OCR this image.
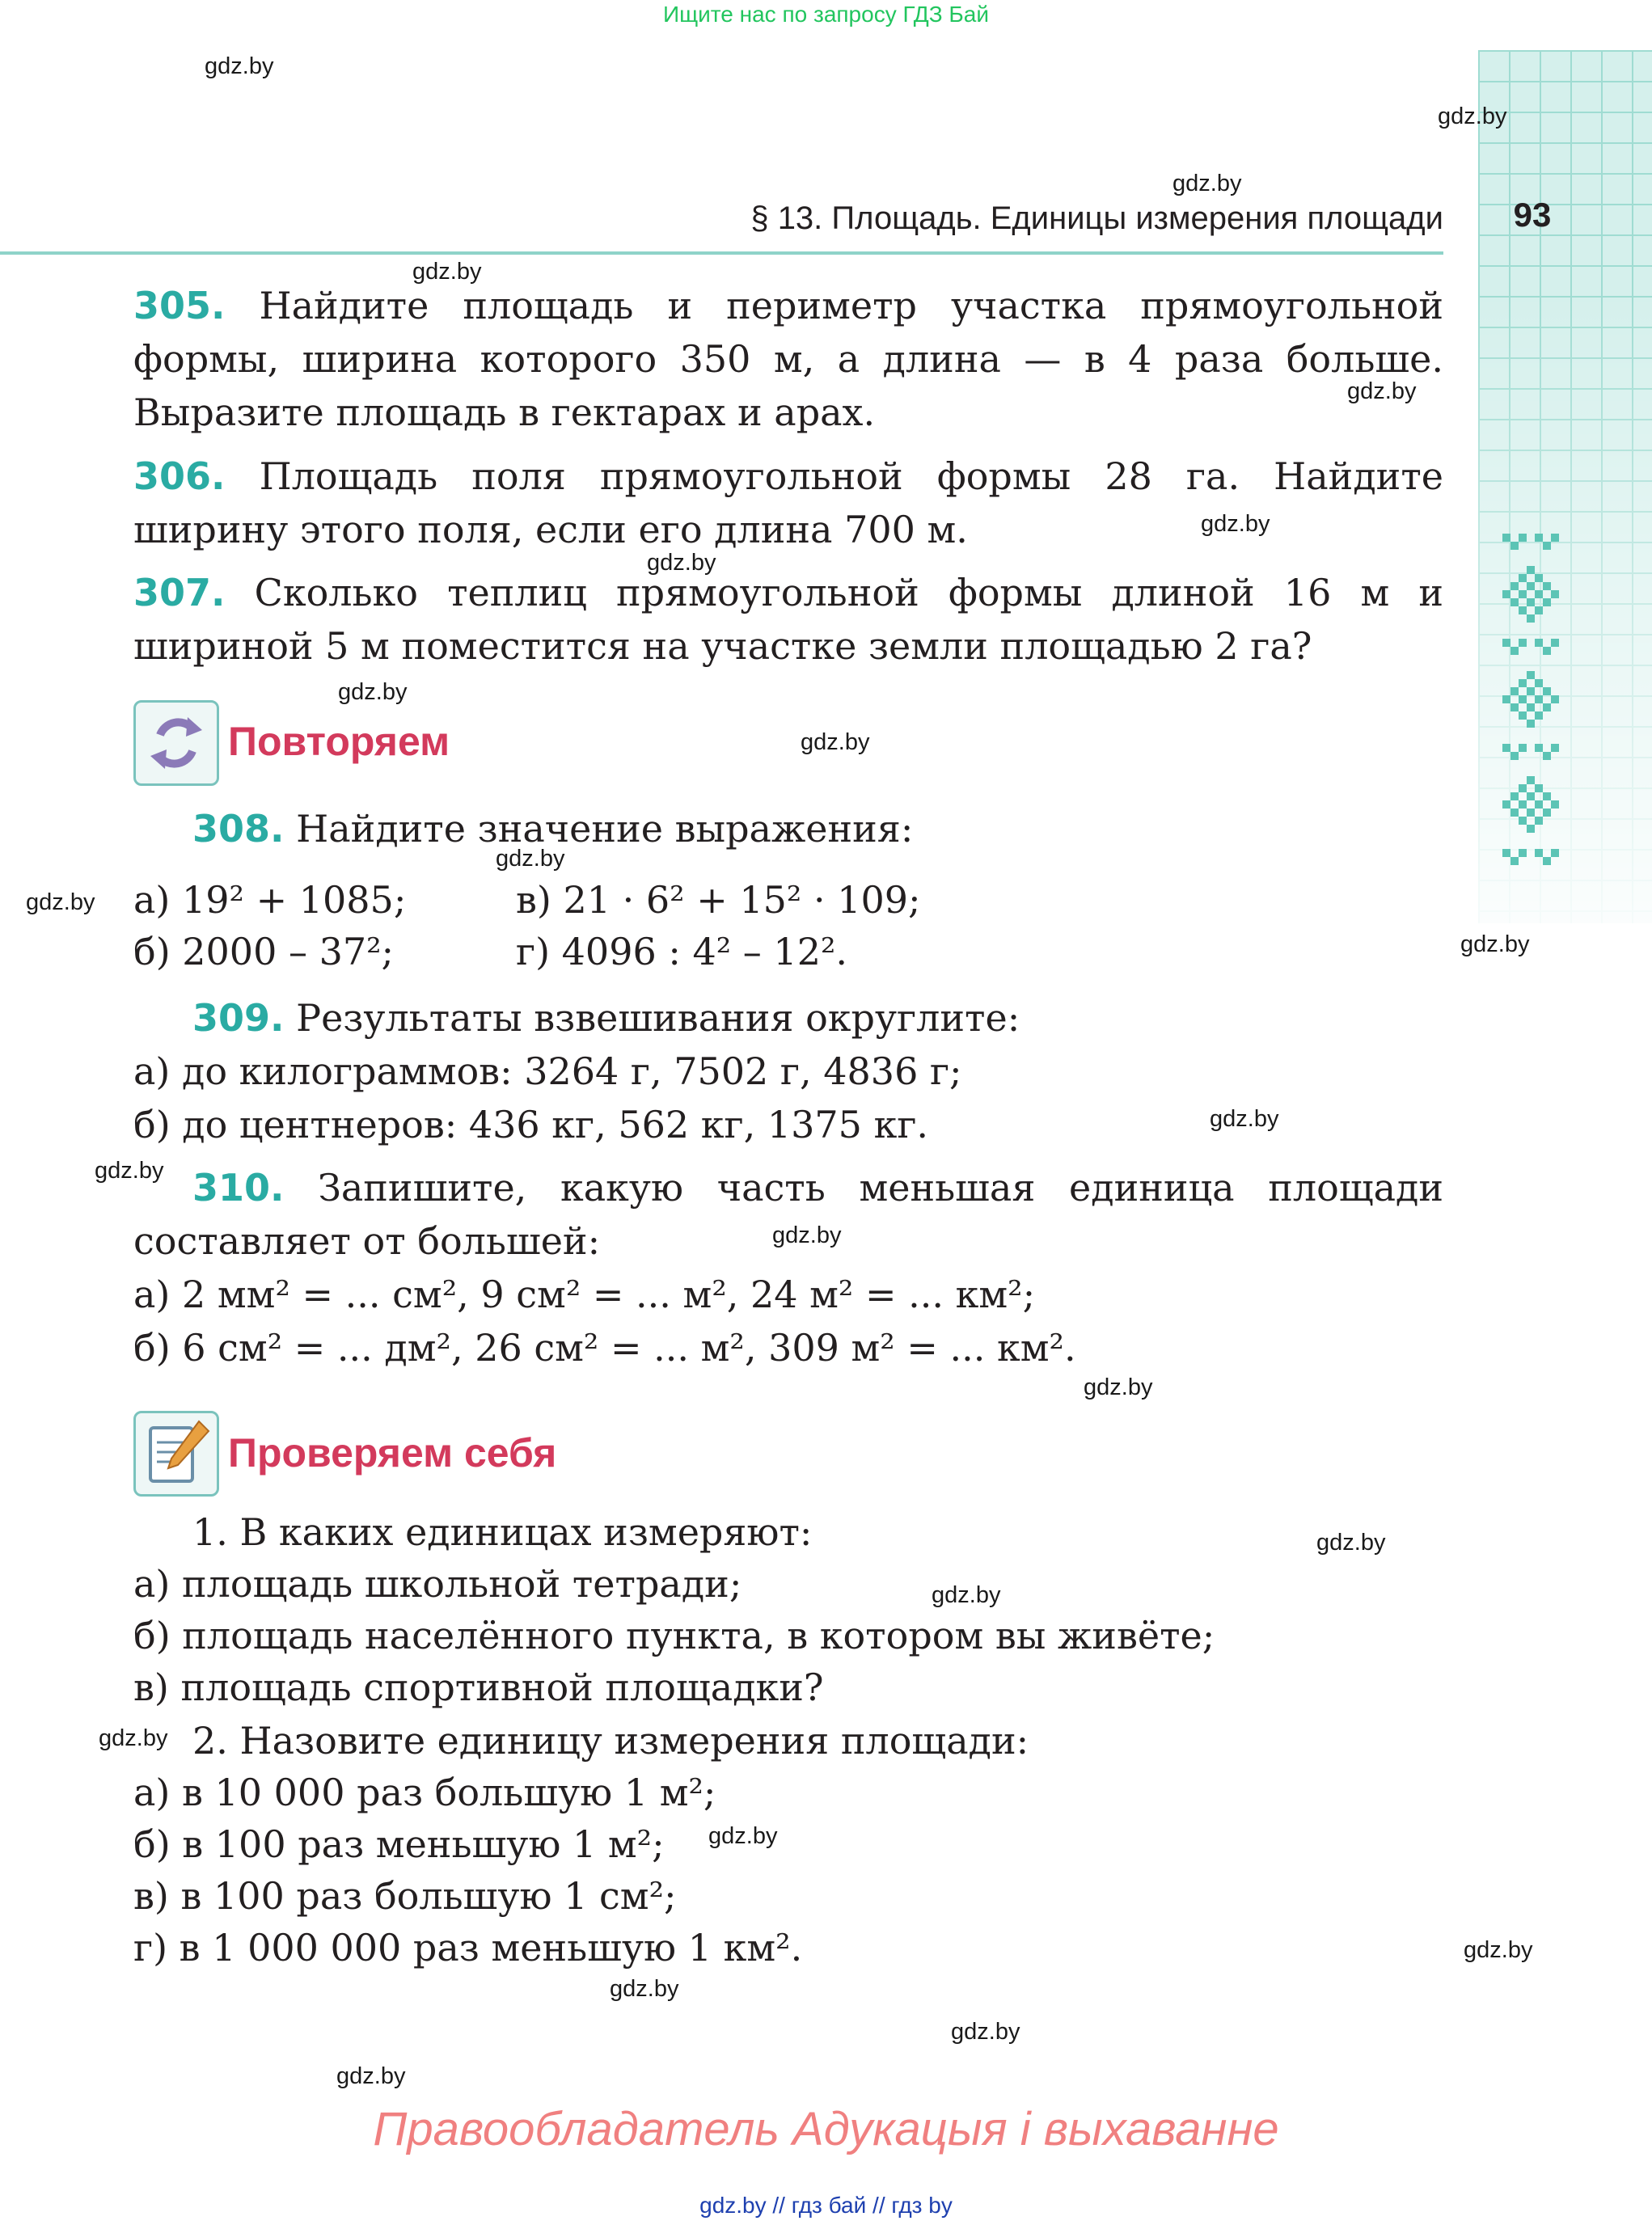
Ищите нас по запросу ГДЗ Бай
§ 13. Площадь. Единицы измерения площади	93
305. Найдите площадь и периметр участка прямоугольной формы, ширина которого 350 м, а длина — в 4 раза больше. Выразите площадь в гектарах и арах.
306. Площадь поля прямоугольной формы 28 га. Найдите ширину этого поля, если его длина 700 м.
307. Сколько теплиц прямоугольной формы длиной 16 м и шириной 5 м поместится на участке земли площадью 2 га?
Повторяем
308. Найдите значение выражения:
а) 19² + 1085;	в) 21 · 6² + 15² · 109;
б) 2000 – 37²;	г) 4096 : 4² – 12².
309. Результаты взвешивания округлите:
а) до килограммов: 3264 г, 7502 г, 4836 г;
б) до центнеров: 436 кг, 562 кг, 1375 кг.
310. Запишите, какую часть меньшая единица площади составляет от большей:
а) 2 мм² = ... см², 9 см² = ... м², 24 м² = ... км²;
б) 6 см² = ... дм², 26 см² = ... м², 309 м² = ... км².
Проверяем себя
1. В каких единицах измеряют:
а) площадь школьной тетради;
б) площадь населённого пункта, в котором вы живёте;
в) площадь спортивной площадки?
2. Назовите единицу измерения площади:
а) в 10 000 раз большую 1 м²;
б) в 100 раз меньшую 1 м²;
в) в 100 раз большую 1 см²;
г) в 1 000 000 раз меньшую 1 км².
gdz.by
gdz.by
gdz.by
gdz.by
gdz.by
gdz.by
gdz.by
gdz.by
gdz.by
gdz.by
gdz.by
gdz.by
gdz.by
gdz.by
gdz.by
gdz.by
gdz.by
gdz.by
gdz.by
gdz.by
gdz.by
gdz.by
gdz.by
gdz.by
Правообладатель Адукацыя і выхаванне
gdz.by // гдз бай // гдз by
